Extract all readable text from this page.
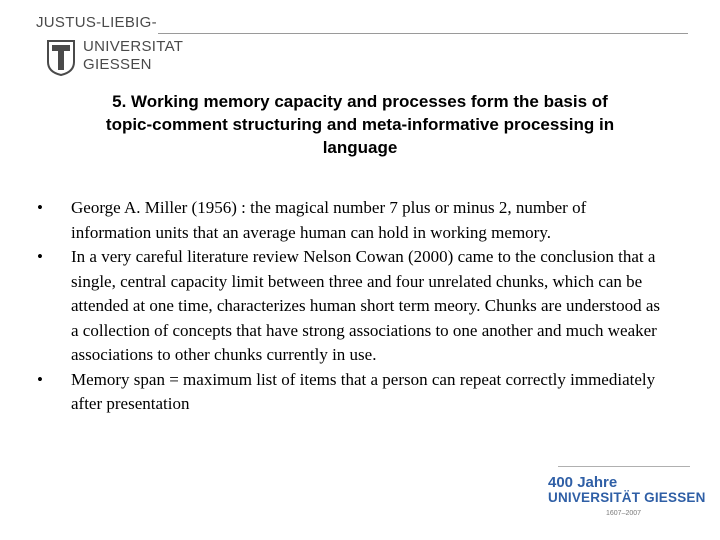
JUSTUS-LIEBIG-
UNIVERSITAT
GIESSEN
5. Working memory capacity and processes form the basis of
topic-comment structuring and meta-informative processing in
language
•	George A. Miller (1956) : the magical number 7 plus or minus 2, number of information units that an average human can hold in working memory.
•	In a very careful literature review Nelson Cowan (2000) came to the conclusion that a single, central capacity limit between three and four unrelated chunks, which can be attended at one time, characterizes human short term meory. Chunks are understood as a collection of concepts that have strong associations to one another and much weaker associations to other chunks currently in use.
•	Memory span = maximum list of items that a person can repeat correctly immediately after presentation
400 Jahre
UNIVERSITÄT GIESSEN
1607–2007
